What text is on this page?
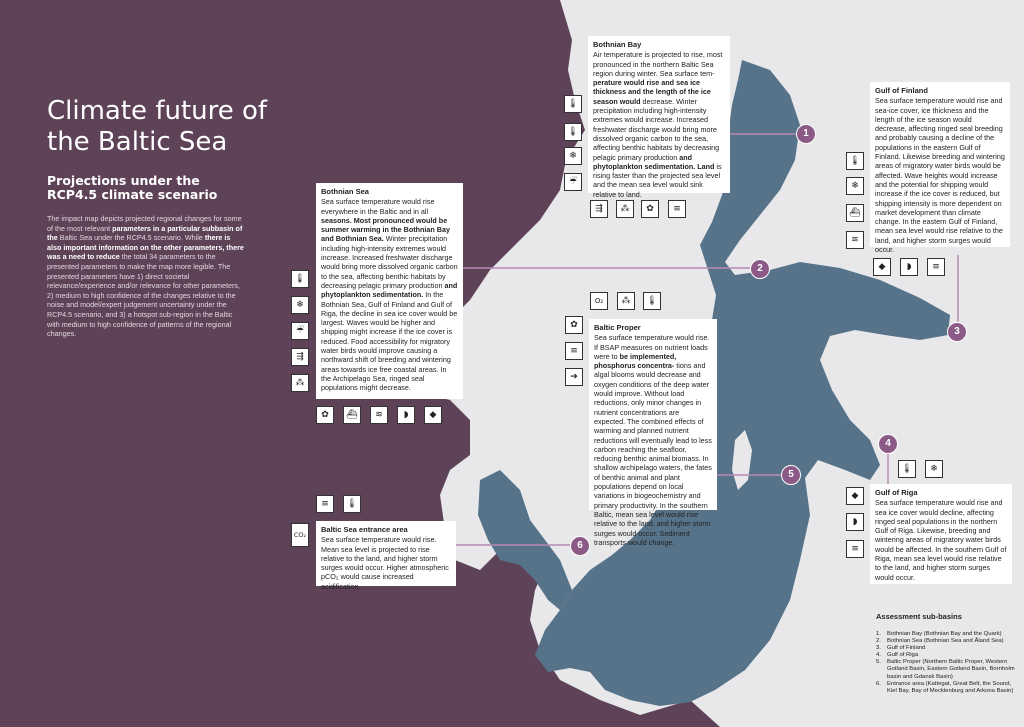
Climate future of
the Baltic Sea
Projections under the
RCP4.5 climate scenario
The impact map depicts projected regional changes for some of the most relevant parameters in a particular subbasin of the Baltic Sea under the RCP4.5 scenario. While there is also important information on the other parameters, there was a need to reduce the total 34 parameters to the presented parameters to make the map more legible. The presented parameters have 1) direct societal relevance/experience and/or relevance for other parameters, 2) medium to high confidence of the changes relative to the noise and model/expert judgement uncertainty under the RCP4.5 scenario, and 3) a hotspot sub-region in the Baltic with medium to high confidence of patterns of the regional changes.
Bothnian Bay
Air temperature is projected to rise, most pronounced in the northern Baltic Sea region during winter. Sea surface tem- perature would rise and sea ice thickness and the length of the ice season would decrease. Winter precipitation including high-intensity extremes would increase. Increased freshwater discharge would bring more dissolved organic carbon to the sea, affecting benthic habitats by decreasing pelagic primary production and phytoplankton sedimentation. Land is rising faster than the projected sea level and the mean sea level would sink relative to land.
🌡
🌡
❄
☔
⇶	⁂	✿	≡
1
Gulf of Finland
Sea surface temperature would rise and sea-ice cover, ice thickness and the length of the ice season would decrease, affecting ringed seal breeding and probably causing a decline of the populations in the eastern Gulf of Finland. Likewise breeding and wintering areas of migratory water birds would be affected. Wave heights would increase and the potential for shipping would increase if the ice cover is reduced, but shipping intensity is more dependent on market development than climate change. In the eastern Gulf of Finland, mean sea level would rise relative to the land, and higher storm surges would occur.
🌡
❄
⛴
≋
◆	◗	≡
3
Bothnian Sea
Sea surface temperature would rise everywhere in the Baltic and in all seasons. Most pronounced would be summer warming in the Bothnian Bay and Bothnian Sea. Winter precipitation including high-intensity extremes would increase. Increased freshwater discharge would bring more dissolved organic carbon to the sea, affecting benthic habitats by decreasing pelagic primary production and phytoplankton sedimentation. In the Bothnian Sea, Gulf of Finland and Gulf of Riga, the decline in sea ice cover would be largest. Waves would be higher and shipping might increase if the ice cover is reduced. Food accessibility for migratory water birds would improve causing a northward shift of breeding and wintering areas towards ice free coastal areas. In the Archipelago Sea, ringed seal populations might decrease.
🌡
❄
☔
⇶
⁂
✿	⛴	≋	◗	◆
2
Baltic Proper
Sea surface temperature would rise. If BSAP measures on nutrient loads were to be implemented, phosphorus concentra- tions and algal blooms would decrease and oxygen conditions of the deep water would improve. Without load reductions, only minor changes in nutrient concentrations are expected. The combined effects of warming and planned nutrient reductions will eventually lead to less carbon reaching the seafloor, reducing benthic animal biomass. In shallow archipelago waters, the fates of benthic animal and plant populations depend on local variations in biogeochemistry and primary productivity. In the southern Baltic, mean sea level would rise relative to the land, and higher storm surges would occur. Sediment transports would change.
O₂	⁂	🌡
✿
≡
➔
5
Gulf of Riga
Sea surface temperature would rise and sea ice cover would decline, affecting ringed seal populations in the northern Gulf of Riga. Likewise, breeding and wintering areas of migratory water birds would be affected. In the southern Gulf of Riga, mean sea level would rise relative to the land, and higher storm surges would occur.
🌡	❄
◆
◗
≡
4
Baltic Sea entrance area
Sea surface temperature would rise. Mean sea level is projected to rise relative to the land, and higher storm surges would occur. Higher atmospheric pCO₂ would cause increased acidification.
≡	🌡
CO₂
6
Assessment sub-basins
1.	Bothnian Bay (Bothnian Bay and the Quark)
2.	Bothnian Sea (Bothnian Sea and Åland Sea)
3.	Gulf of Finland
4.	Gulf of Riga
5.	Baltic Proper (Northern Baltic Proper, Western Gotland Basin, Eastern Gotland Basin, Bornholm basin and Gdansk Basin)
6.	Entrance area (Kattegat, Great Belt, the Sound, Kiel Bay, Bay of Mecklenburg and Arkona Basin)
